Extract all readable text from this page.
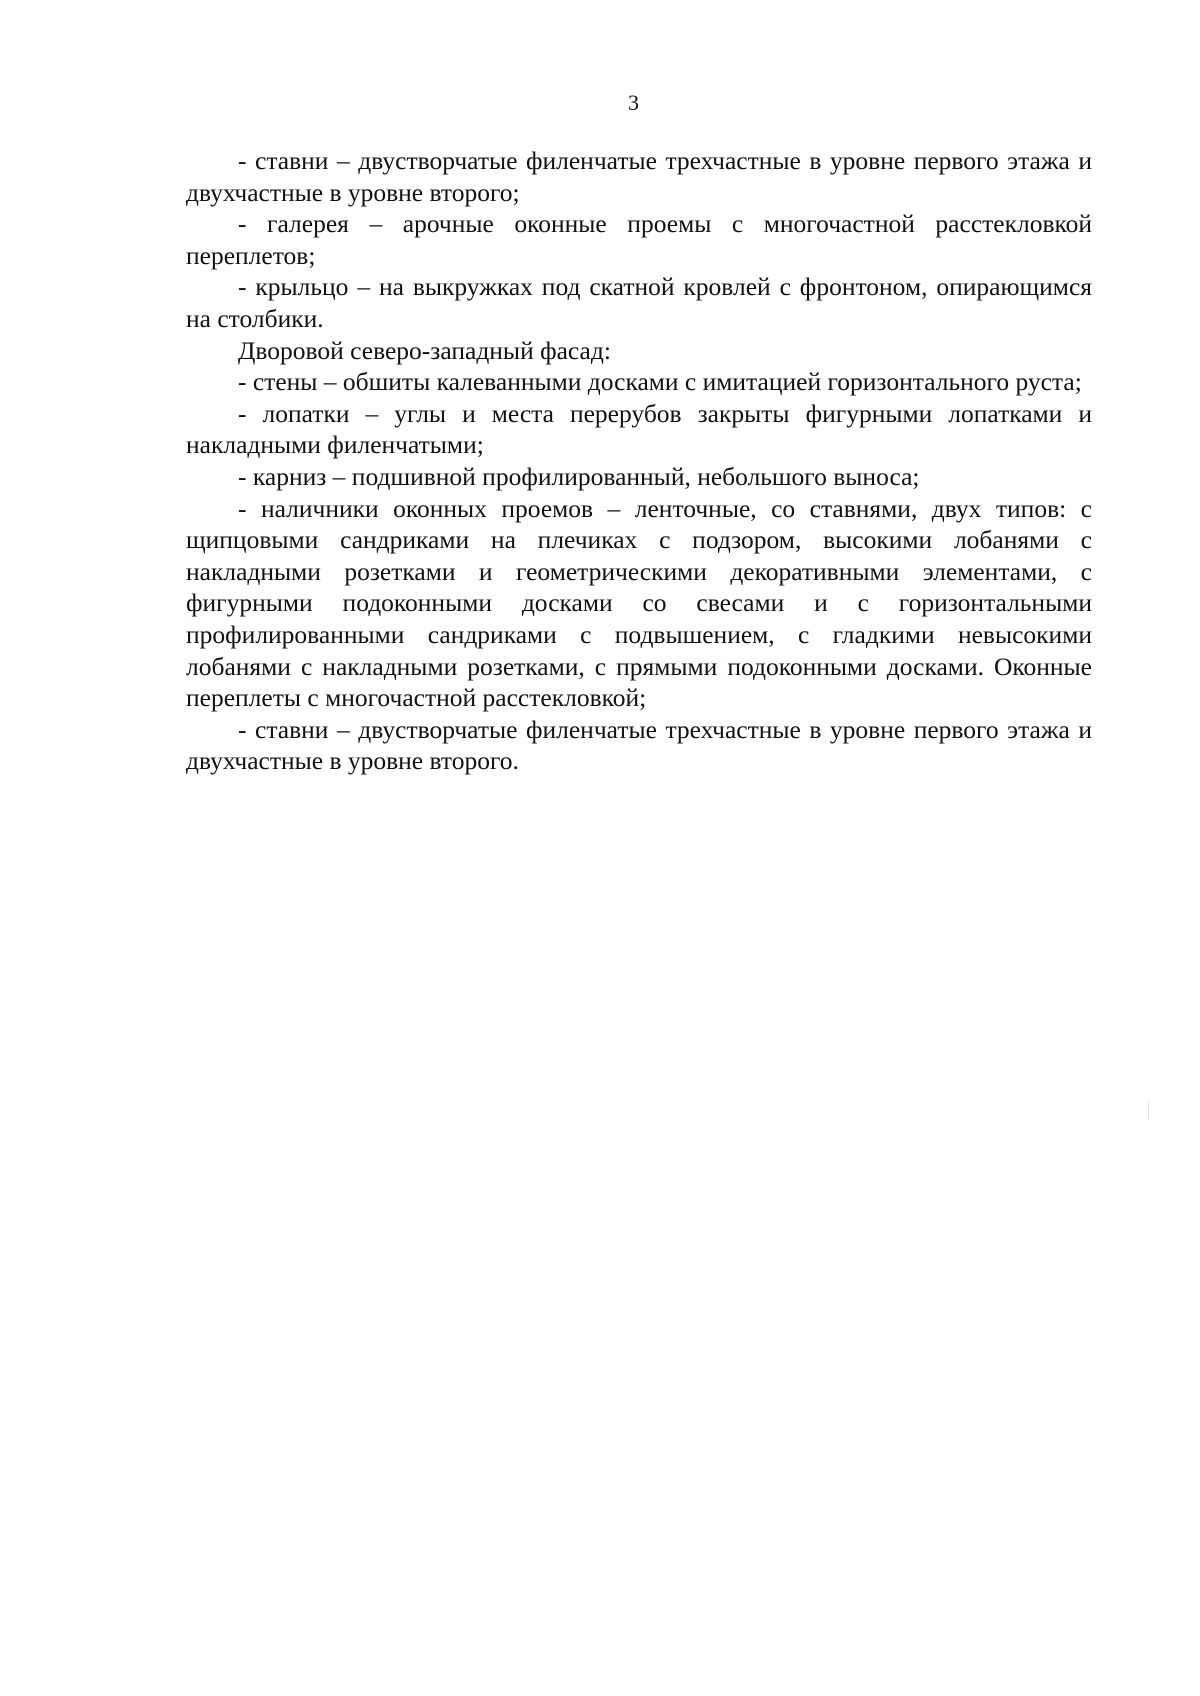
3

- ставни – двустворчатые филенчатые трехчастные в уровне первого этажа и двухчастные в уровне второго;

- галерея – арочные оконные проемы с многочастной расстекловкой переплетов;

- крыльцо – на выкружках под скатной кровлей с фронтоном, опирающимся на столбики.

Дворовой северо-западный фасад:

- стены – обшиты калеванными досками с имитацией горизонтального руста;

- лопатки – углы и места перерубов закрыты фигурными лопатками и накладными филенчатыми;

- карниз – подшивной профилированный, небольшого выноса;

- наличники оконных проемов – ленточные, со ставнями, двух типов: с щипцовыми сандриками на плечиках с подзором, высокими лобанями с накладными розетками и геометрическими декоративными элементами, с фигурными подоконными досками со свесами и с горизонтальными профилированными сандриками с подвышением, с гладкими невысокими лобанями с накладными розетками, с прямыми подоконными досками. Оконные переплеты с многочастной расстекловкой;

- ставни – двустворчатые филенчатые трехчастные в уровне первого этажа и двухчастные в уровне второго.
